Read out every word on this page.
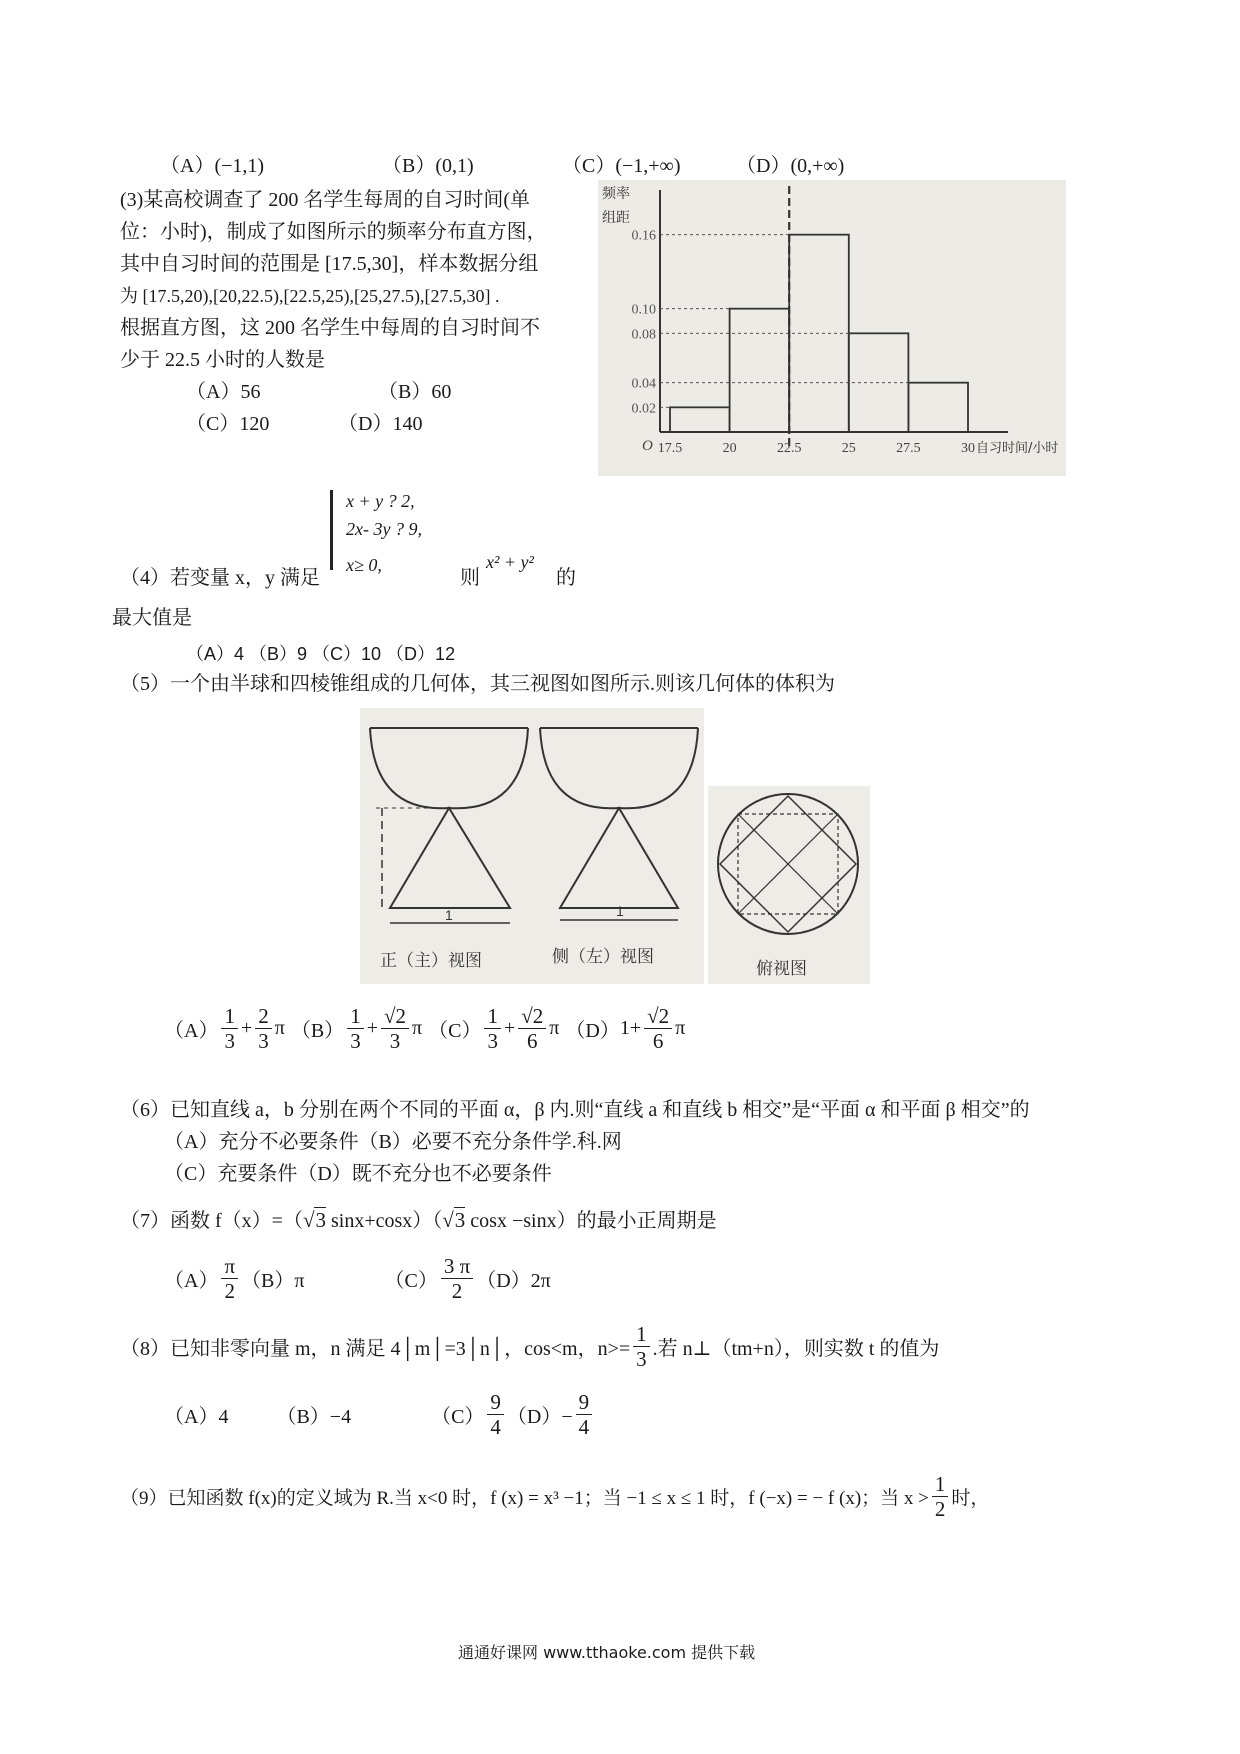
（A）(−1,1)	（B）(0,1)	（C）(−1,+∞)	（D）(0,+∞)
(3)某高校调查了 200 名学生每周的自习时间(单
位：小时)，制成了如图所示的频率分布直方图，
其中自习时间的范围是 [17.5,30]，样本数据分组
为 [17.5,20),[20,22.5),[22.5,25),[25,27.5),[27.5,30] .
根据直方图，这 200 名学生中每周的自习时间不
少于 22.5 小时的人数是
（A）56	（B）60
（C）120	（D）140
0.02
0.04
0.08
0.10
0.16
17.5	20	22.5	25	27.5	30
O
频率
组距
自习时间/小时
x + y ? 2,
2x- 3y ? 9,
x≥ 0,
（4）若变量 x，y 满足	则
x² + y²
的
最大值是
（A）4 （B）9 （C）10 （D）12
（5）一个由半球和四棱锥组成的几何体，其三视图如图所示.则该几何体的体积为
1	1
正（主）视图	侧（左）视图
俯视图
$(A) \frac{1}{3} + \frac{2}{3}$ π $(B) \frac{1}{3} + \frac{√2}{3}$ π $(C) \frac{1}{3} + \frac{√2}{6}$ π （D） $1+ \frac{√2}{6}$ π
（6）已知直线 a，b 分别在两个不同的平面 α，β 内.则“直线 a 和直线 b 相交”是“平面 α 和平面 β 相交”的
（A）充分不必要条件（B）必要不充分条件学.科.网
（C）充要条件（D）既不充分也不必要条件
（7）函数 f（x）=（√3 sinx+cosx）（√3 cosx −sinx）的最小正周期是
$(A) \frac{\pi}{2} (B)\pi$	$(C) \frac{3 \pi}{2} (D)2\pi$
（8）已知非零向量 m，n 满足 4│m│=3│n│，cos<m，$n>= \frac{1}{3}$ .若 n⊥（tm+n），则实数 t 的值为
（A）4 （B）−4	$(C) \frac{9}{4} (D)- \frac{9}{4}$
（9）已知函数 f(x)的定义域为 R.当 x<0 时，f (x) = x³ −1；当 −1 ≤ x ≤ 1 时，f (−x) = − f (x)；当 $x > \frac{1}{2}$ 时，
通通好课网 www.tthaoke.com 提供下载
